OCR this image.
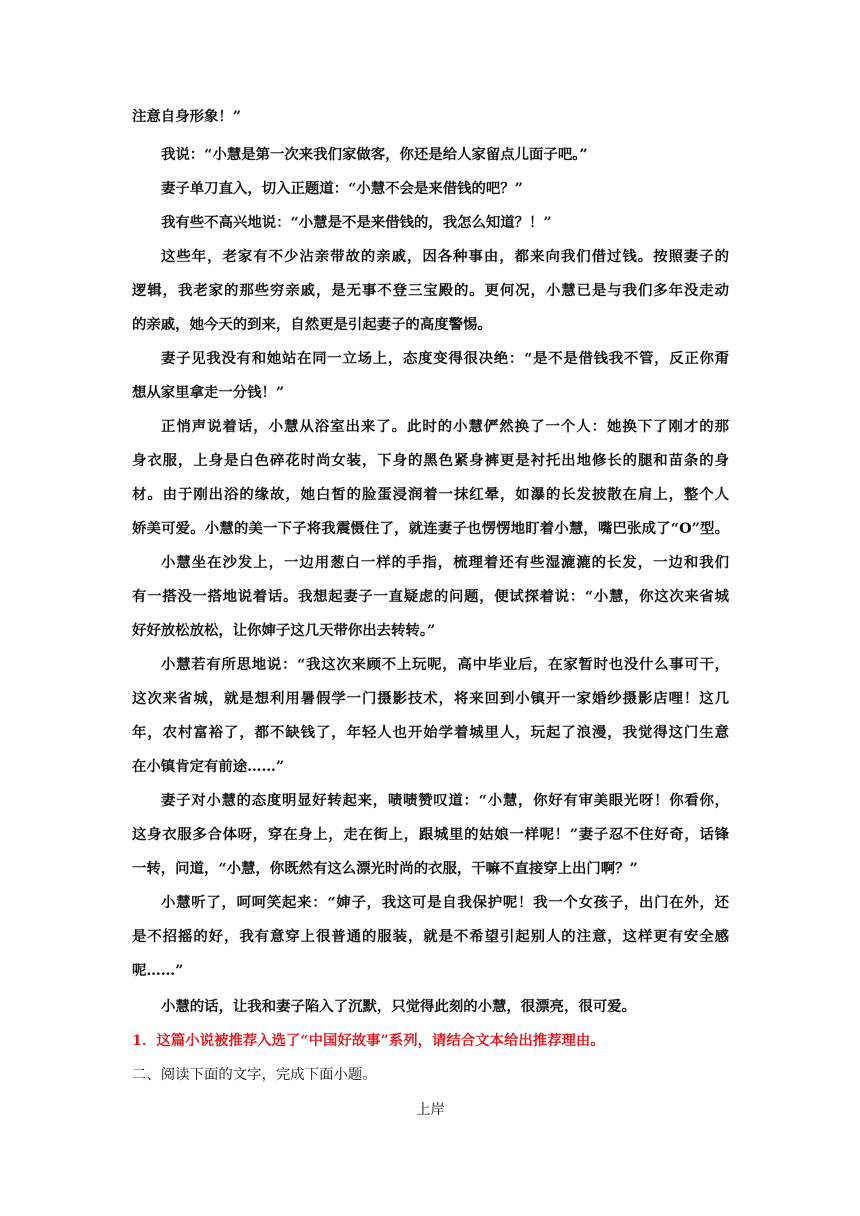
注意自身形象！”
我说：“小慧是第一次来我们家做客，你还是给人家留点儿面子吧。”
妻子单刀直入，切入正题道：“小慧不会是来借钱的吧？”
我有些不高兴地说：“小慧是不是来借钱的，我怎么知道？！”
这些年，老家有不少沾亲带故的亲戚，因各种事由，都来向我们借过钱。按照妻子的
逻辑，我老家的那些穷亲戚，是无事不登三宝殿的。更何况，小慧已是与我们多年没走动
的亲戚，她今天的到来，自然更是引起妻子的高度警惕。
妻子见我没有和她站在同一立场上，态度变得很决绝：“是不是借钱我不管，反正你甭
想从家里拿走一分钱！”
正悄声说着话，小慧从浴室出来了。此时的小慧俨然换了一个人：她换下了刚才的那
身衣服，上身是白色碎花时尚女装，下身的黑色紧身裤更是衬托出地修长的腿和苗条的身
材。由于刚出浴的缘故，她白皙的脸蛋浸润着一抹红晕，如瀑的长发披散在肩上，整个人
娇美可爱。小慧的美一下子将我震慑住了，就连妻子也愣愣地盯着小慧，嘴巴张成了“O”型。
小慧坐在沙发上，一边用葱白一样的手指，梳理着还有些湿漉漉的长发，一边和我们
有一搭没一搭地说着话。我想起妻子一直疑虑的问题，便试探着说：“小慧，你这次来省城
好好放松放松，让你婶子这几天带你出去转转。”
小慧若有所思地说：“我这次来顾不上玩呢，高中毕业后，在家暂时也没什么事可干，
这次来省城，就是想利用暑假学一门摄影技术，将来回到小镇开一家婚纱摄影店哩！这几
年，农村富裕了，都不缺钱了，年轻人也开始学着城里人，玩起了浪漫，我觉得这门生意
在小镇肯定有前途……”
妻子对小慧的态度明显好转起来，啧啧赞叹道：“小慧，你好有审美眼光呀！你看你，
这身衣服多合体呀，穿在身上，走在街上，跟城里的姑娘一样呢！”妻子忍不住好奇，话锋
一转，问道，“小慧，你既然有这么漂光时尚的衣服，干嘛不直接穿上出门啊？”
小慧听了，呵呵笑起来：“婶子，我这可是自我保护呢！我一个女孩子，出门在外，还
是不招摇的好，我有意穿上很普通的服装，就是不希望引起别人的注意，这样更有安全感
呢……”
小慧的话，让我和妻子陷入了沉默，只觉得此刻的小慧，很漂亮，很可爱。
1．这篇小说被推荐入选了“中国好故事”系列，请结合文本给出推荐理由。
二、阅读下面的文字，完成下面小题。
上岸
